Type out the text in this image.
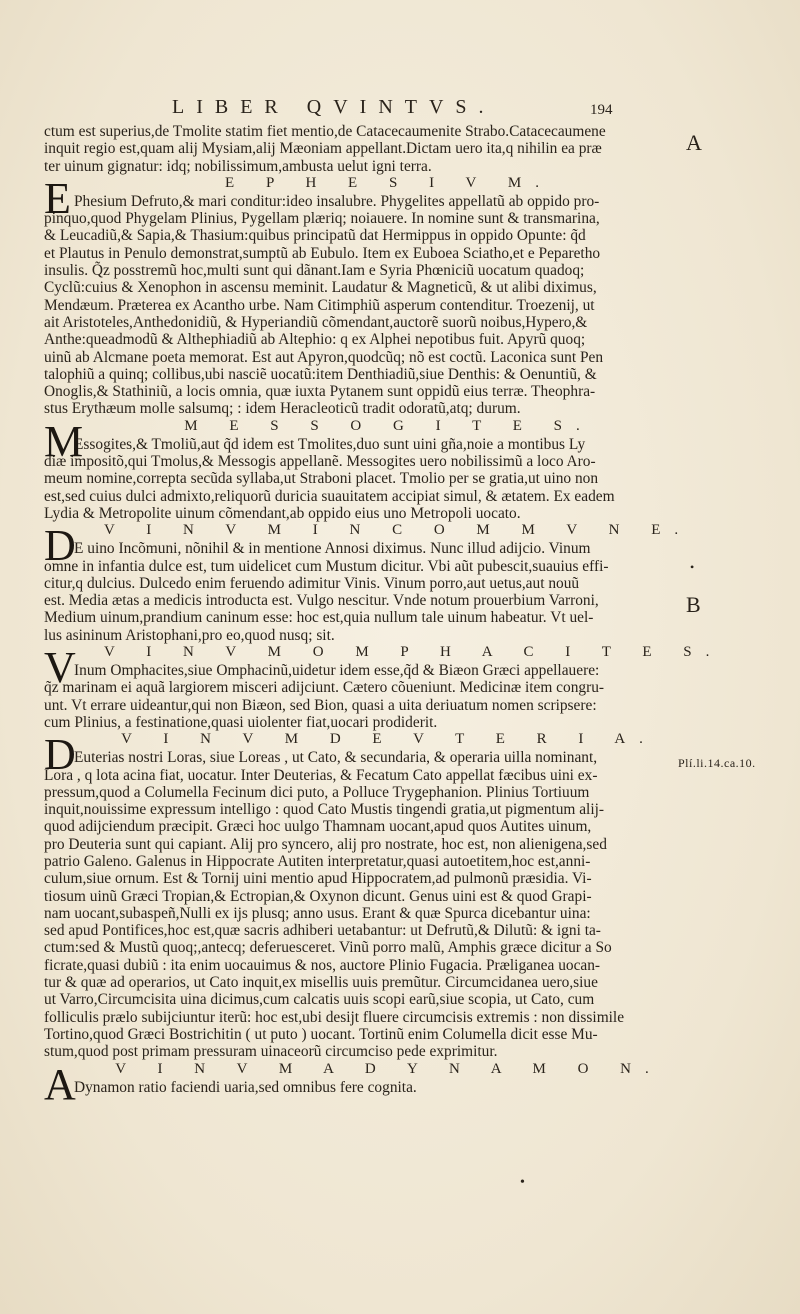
LIBER QVINTVS.	194
ctum est superius,de Tmolite statim fiet mentio,de Catacecaumenite Strabo.Catacecaumene
inquit regio est,quam alij Mysiam,alij Mæoniam appellant.Dictam uero ita,q nihilin ea præ
ter uinum gignatur: idq; nobilissimum,ambusta uelut igni terra.
E	E P H E S I V M.
Phesium Defruto,& mari conditur:ideo insalubre. Phygelites appellatũ ab oppido pro-
pinquo,quod Phygelam Plinius, Pygellam plæriq; noiauere. In nomine sunt & transmarina,
& Leucadiũ,& Sapia,& Thasium:quibus principatũ dat Hermippus in oppido Opunte: q̃d
et Plautus in Penulo demonstrat,sumptũ ab Eubulo. Item ex Euboea Sciatho,et e Peparetho
insulis. Q̃z posstremũ hoc,multi sunt qui dãnant.Iam e Syria Phœniciũ uocatum quadoq;
Cyclũ:cuius & Xenophon in ascensu meminit. Laudatur & Magneticũ, & ut alibi diximus,
Mendæum. Præterea ex Acantho urbe. Nam Citimphiũ asperum contenditur. Troezenij, ut
ait Aristoteles,Anthedonidiũ, & Hyperiandiũ cõmendant,auctorẽ suorũ noibus,Hypero,&
Anthe:queadmodũ & Althephiadiũ ab Altephio: q ex Alphei nepotibus fuit. Apyrũ quoq;
uinũ ab Alcmane poeta memorat. Est aut Apyron,quodcũq; nõ est coctũ. Laconica sunt Pen
talophiũ a quinq; collibus,ubi nasciẽ uocatũ:item Denthiadiũ,siue Denthis: & Oenuntiũ, &
Onoglis,& Stathiniũ, a locis omnia, quæ iuxta Pytanem sunt oppidũ eius terræ. Theophra-
stus Erythæum molle salsumq; : idem Heracleoticũ tradit odoratũ,atq; durum.
M	M E S S O G I T E S.
Essogites,& Tmoliũ,aut q̃d idem est Tmolites,duo sunt uini gña,noie a montibus Ly
diæ impositõ,qui Tmolus,& Messogis appellanẽ. Messogites uero nobilissimũ a loco Aro-
meum nomine,correpta secũda syllaba,ut Straboni placet. Tmolio per se gratia,ut uino non
est,sed cuius dulci admixto,reliquorũ duricia suauitatem accipiat simul, & ætatem. Ex eadem
Lydia & Metropolite uinum cõmendant,ab oppido eius uno Metropoli uocato.
D V I N V M I N C O M M V N E.
E uino Incõmuni, nõnihil & in mentione Annosi diximus. Nunc illud adijcio. Vinum
omne in infantia dulce est, tum uidelicet cum Mustum dicitur. Vbi aũt pubescit,suauius effi-
citur,q dulcius. Dulcedo enim feruendo adimitur Vinis. Vinum porro,aut uetus,aut nouũ
est. Media ætas a medicis introducta est. Vulgo nescitur. Vnde notum prouerbium Varroni,
Medium uinum,prandium caninum esse: hoc est,quia nullum tale uinum habeatur. Vt uel-
lus asininum Aristophani,pro eo,quod nusq; sit.
V V I N V M O M P H A C I T E S.
Inum Omphacites,siue Omphacinũ,uidetur idem esse,q̃d & Biæon Græci appellauere:
q̃z marinam ei aquã largiorem misceri adijciunt. Cætero cõueniunt. Medicinæ item congru-
unt. Vt errare uideantur,qui non Biæon, sed Bion, quasi a uita deriuatum nomen scripsere:
cum Plinius, a festinatione,quasi uiolenter fiat,uocari prodiderit.
D	V I N V M D E V T E R I A.
Euterias nostri Loras, siue Loreas , ut Cato, & secundaria, & operaria uilla nominant,
Lora , q lota acina fiat, uocatur. Inter Deuterias, & Fecatum Cato appellat fæcibus uini ex-
pressum,quod a Columella Fecinum dici puto, a Polluce Trygephanion. Plinius Tortiuum
inquit,nouissime expressum intelligo : quod Cato Mustis tingendi gratia,ut pigmentum alij-
quod adijciendum præcipit. Græci hoc uulgo Thamnam uocant,apud quos Autites uinum,
pro Deuteria sunt qui capiant. Alij pro syncero, alij pro nostrate, hoc est, non alienigena,sed
patrio Galeno. Galenus in Hippocrate Autiten interpretatur,quasi autoetitem,hoc est,anni-
culum,siue ornum. Est & Tornij uini mentio apud Hippocratem,ad pulmonũ præsidia. Vi-
tiosum uinũ Græci Tropian,& Ectropian,& Oxynon dicunt. Genus uini est & quod Grapi-
nam uocant,subaspeñ,Nulli ex ijs plusq; anno usus. Erant & quæ Spurca dicebantur uina:
sed apud Pontifices,hoc est,quæ sacris adhiberi uetabantur: ut Defrutũ,& Dilutũ: & igni ta-
ctum:sed & Mustũ quoq;,antecq; deferuesceret. Vinũ porro malũ, Amphis græce dicitur a So
ficrate,quasi dubiũ : ita enim uocauimus & nos, auctore Plinio Fugacia. Præliganea uocan-
tur & quæ ad operarios, ut Cato inquit,ex misellis uuis premũtur. Circumcidanea uero,siue
ut Varro,Circumcisita uina dicimus,cum calcatis uuis scopi earũ,siue scopia, ut Cato, cum
folliculis prælo subijciuntur iterũ: hoc est,ubi desijt fluere circumcisis extremis : non dissimile
Tortino,quod Græci Bostrichitin ( ut puto ) uocant. Tortinũ enim Columella dicit esse Mu-
stum,quod post primam pressuram uinaceorũ circumciso pede exprimitur.
A	V I N V M A D Y N A M O N.
Dynamon ratio faciendi uaria,sed omnibus fere cognita.
A
•
B
Plí.li.14.ca.10.
•
